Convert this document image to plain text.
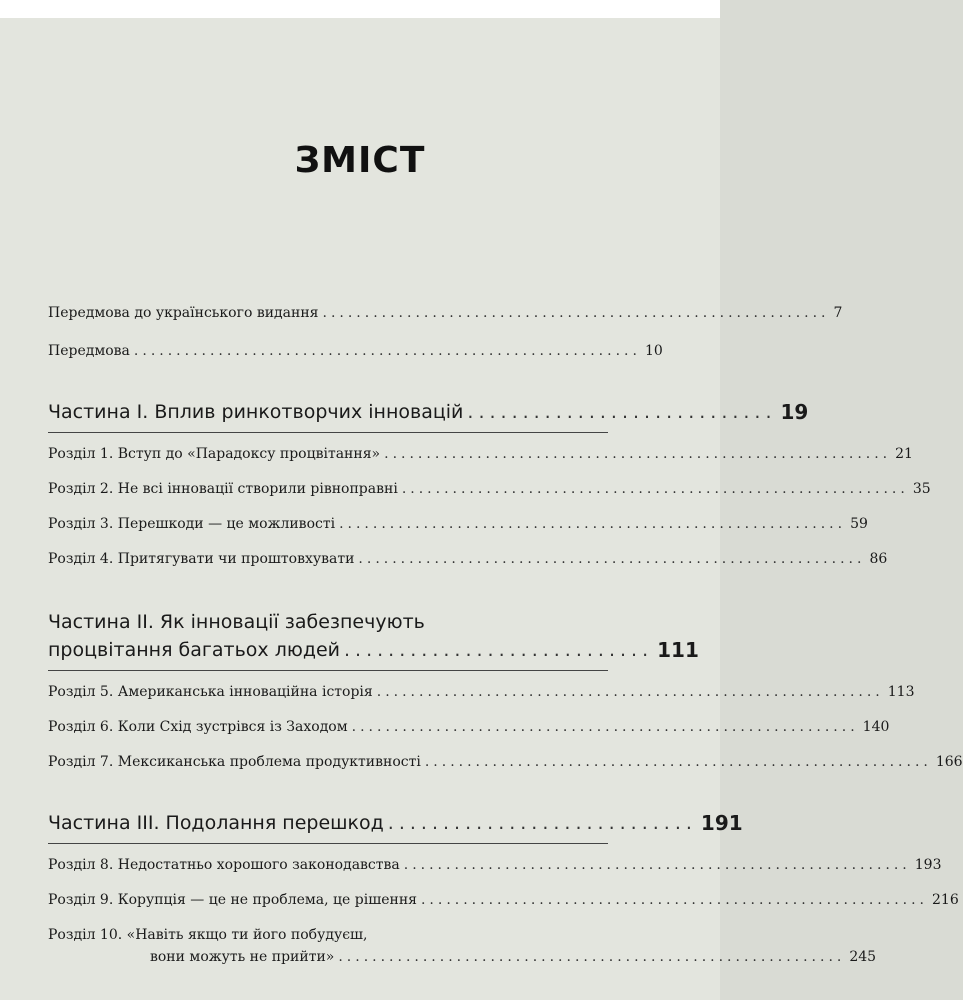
ЗМІСТ
Передмова до українського видання ............................................................ 7
Передмова ............................................................ 10
Частина І. Вплив ринкотворчих інновацій ............................ 19
Розділ 1. Вступ до «Парадоксу процвітання» ............................................................ 21
Розділ 2. Не всі інновації створили рівноправні ............................................................ 35
Розділ 3. Перешкоди — це можливості ............................................................ 59
Розділ 4. Притягувати чи проштовхувати ............................................................ 86
Частина ІІ. Як інновації забезпечують
процвітання багатьох людей ............................ 111
Розділ 5. Американська інноваційна історія ............................................................ 113
Розділ 6. Коли Схід зустрівся із Заходом ............................................................ 140
Розділ 7. Мексиканська проблема продуктивності ............................................................ 166
Частина ІІІ. Подолання перешкод ............................ 191
Розділ 8. Недостатньо хорошого законодавства ............................................................ 193
Розділ 9. Корупція — це не проблема, це рішення ............................................................ 216
Розділ 10. «Навіть якщо ти його побудуєш,
вони можуть не прийти» ............................................................ 245
